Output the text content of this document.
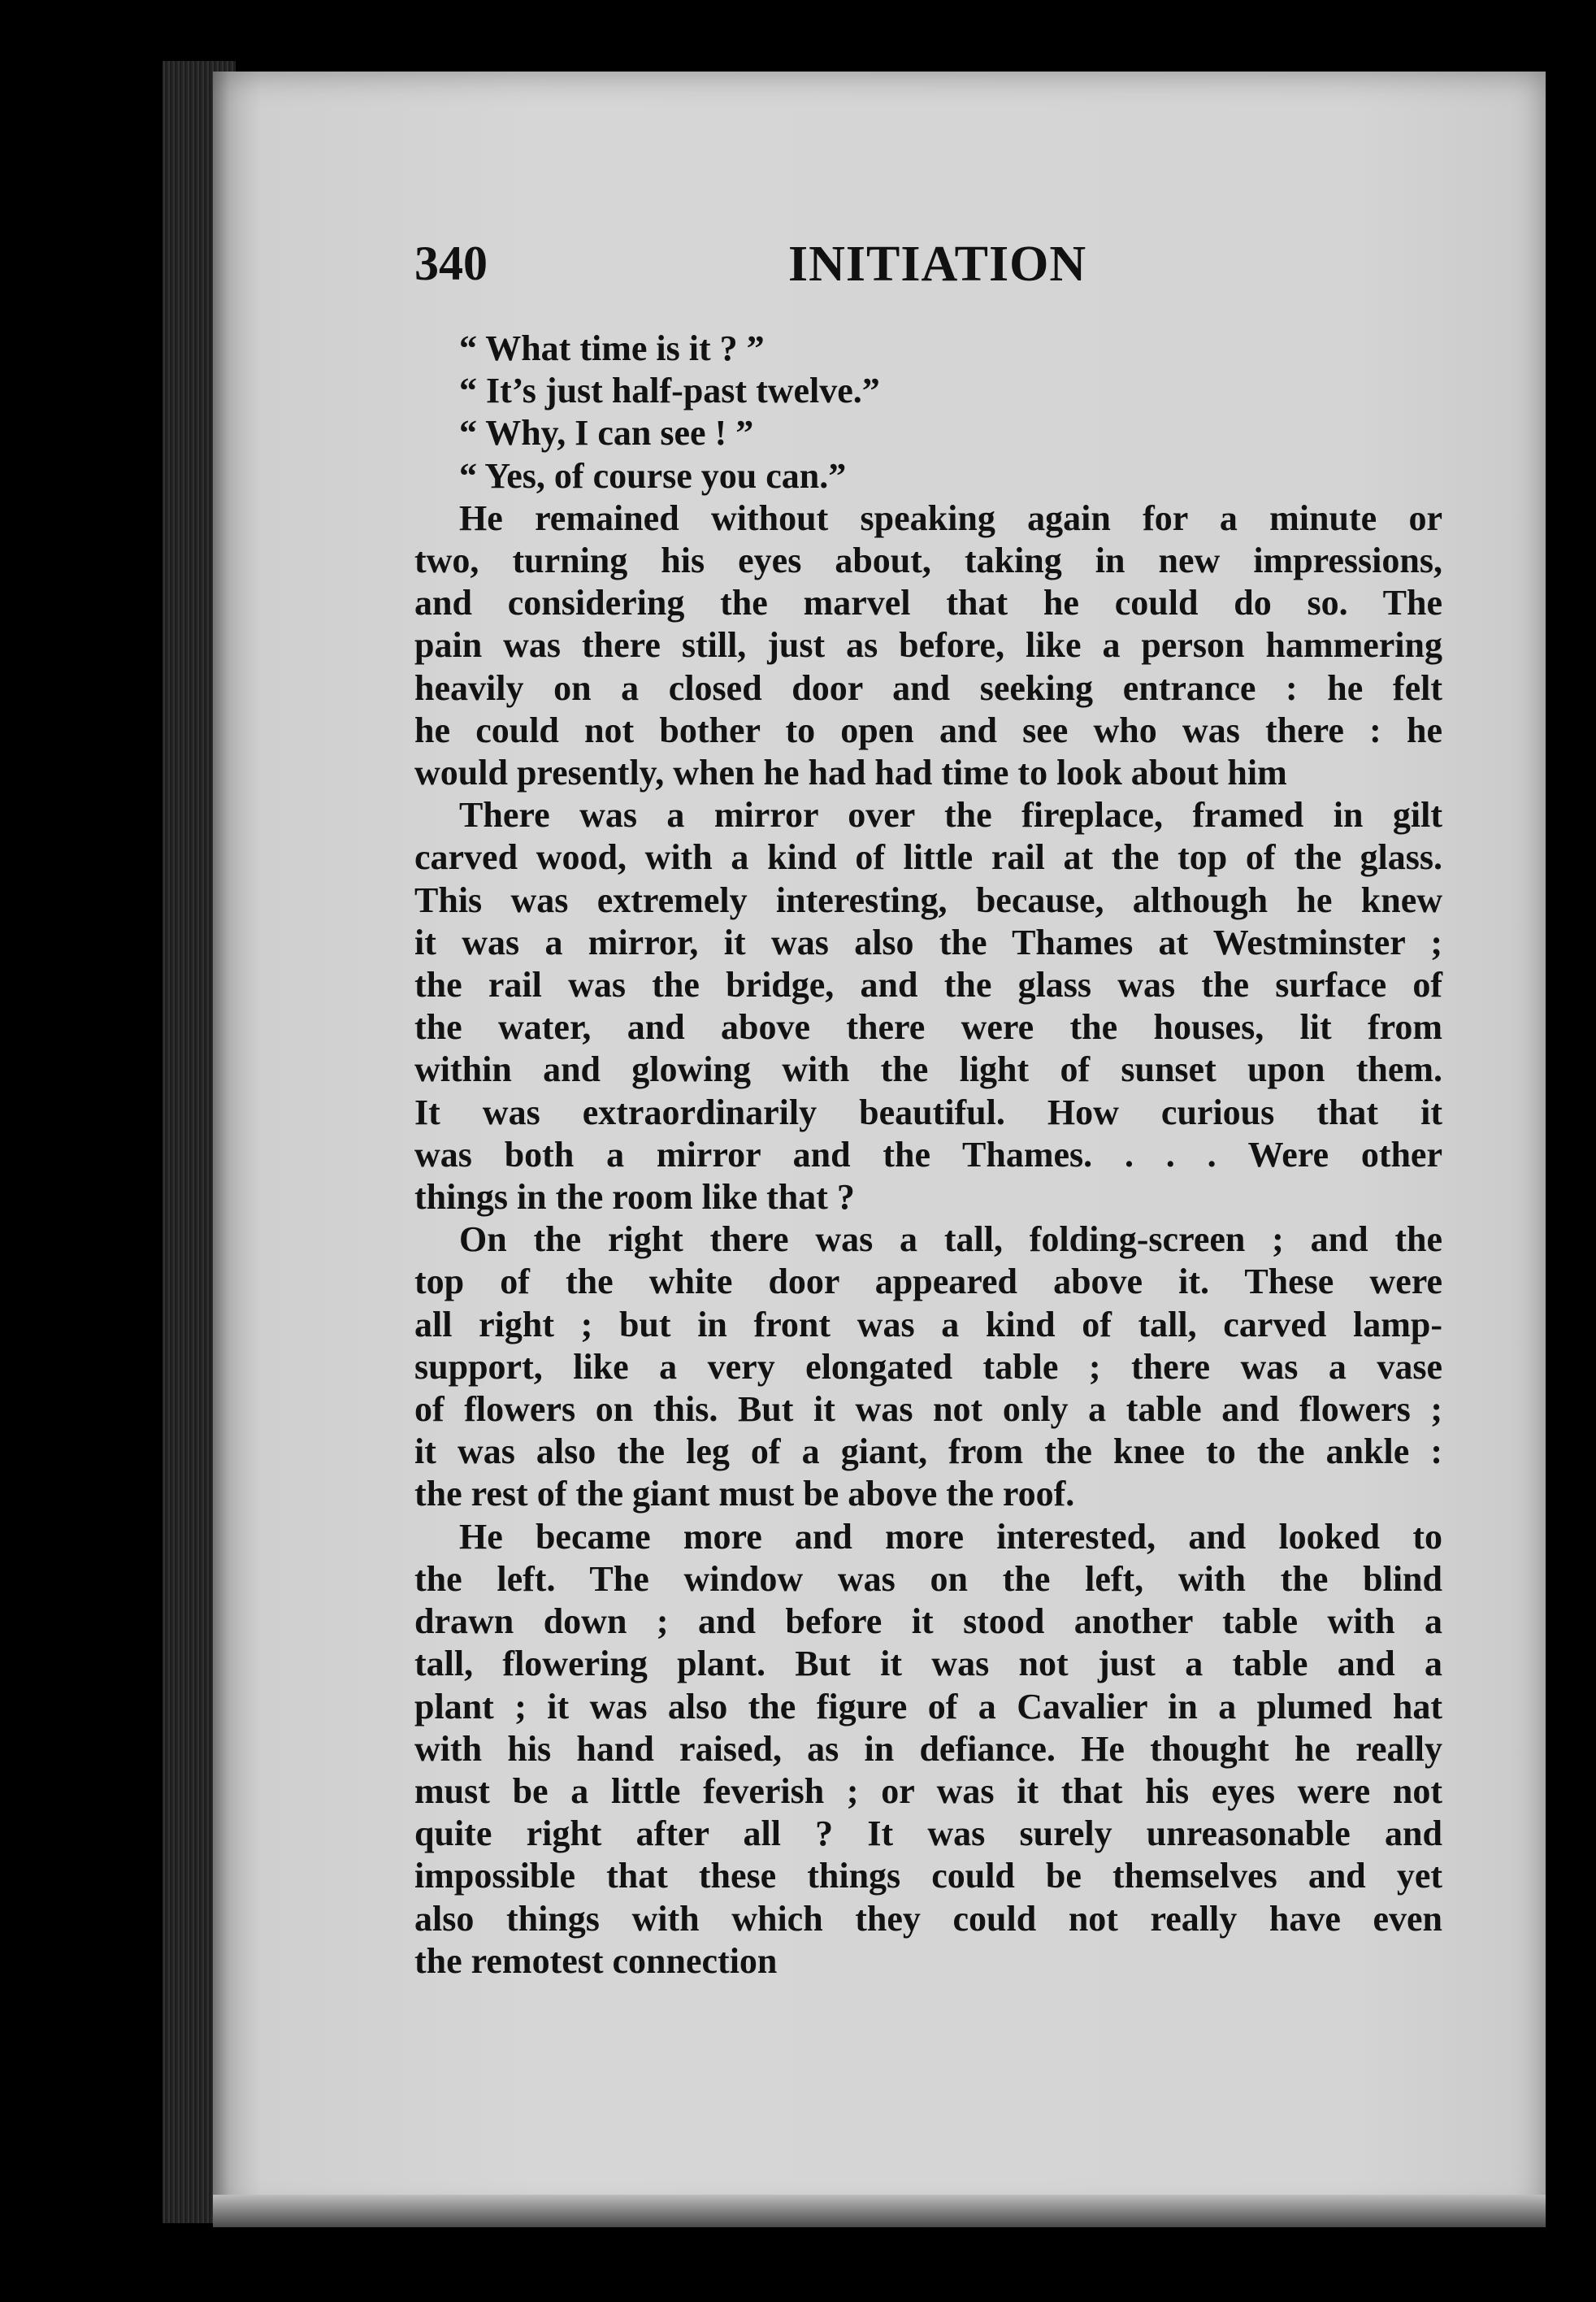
340	INITIATION
“ What time is it ? ”
“ It’s just half-past twelve.”
“ Why, I can see ! ”
“ Yes, of course you can.”
He remained without speaking again for a minute or
two, turning his eyes about, taking in new impressions,
and considering the marvel that he could do so. The
pain was there still, just as before, like a person hammering
heavily on a closed door and seeking entrance : he felt
he could not bother to open and see who was there : he
would presently, when he had had time to look about him
There was a mirror over the fireplace, framed in gilt
carved wood, with a kind of little rail at the top of the glass.
This was extremely interesting, because, although he knew
it was a mirror, it was also the Thames at Westminster ;
the rail was the bridge, and the glass was the surface of
the water, and above there were the houses, lit from
within and glowing with the light of sunset upon them.
It was extraordinarily beautiful. How curious that it
was both a mirror and the Thames. . . . Were other
things in the room like that ?
On the right there was a tall, folding-screen ; and the
top of the white door appeared above it. These were
all right ; but in front was a kind of tall, carved lamp-
support, like a very elongated table ; there was a vase
of flowers on this. But it was not only a table and flowers ;
it was also the leg of a giant, from the knee to the ankle :
the rest of the giant must be above the roof.
He became more and more interested, and looked to
the left. The window was on the left, with the blind
drawn down ; and before it stood another table with a
tall, flowering plant. But it was not just a table and a
plant ; it was also the figure of a Cavalier in a plumed hat
with his hand raised, as in defiance. He thought he really
must be a little feverish ; or was it that his eyes were not
quite right after all ? It was surely unreasonable and
impossible that these things could be themselves and yet
also things with which they could not really have even
the remotest connection
